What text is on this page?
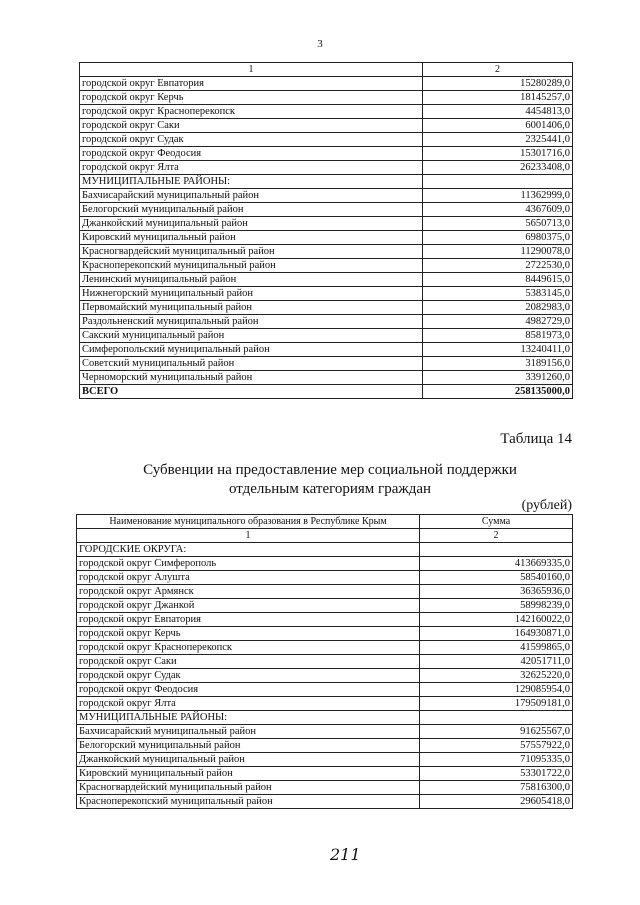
3
1	2
городской округ Евпатория	15280289,0
городской округ Керчь	18145257,0
городской округ Красноперекопск	4454813,0
городской округ Саки	6001406,0
городской округ Судак	2325441,0
городской округ Феодосия	15301716,0
городской округ Ялта	26233408,0
МУНИЦИПАЛЬНЫЕ РАЙОНЫ:	
Бахчисарайский муниципальный район	11362999,0
Белогорский муниципальный район	4367609,0
Джанкойский муниципальный район	5650713,0
Кировский муниципальный район	6980375,0
Красногвардейский муниципальный район	11290078,0
Красноперекопский муниципальный район	2722530,0
Ленинский муниципальный район	8449615,0
Нижнегорский муниципальный район	5383145,0
Первомайский муниципальный район	2082983,0
Раздольненский муниципальный район	4982729,0
Сакский муниципальный район	8581973,0
Симферопольский муниципальный район	13240411,0
Советский муниципальный район	3189156,0
Черноморский муниципальный район	3391260,0
ВСЕГО	258135000,0
Таблица 14
Субвенции на предоставление мер социальной поддержки
отдельным категориям граждан
(рублей)
Наименование муниципального образования в Республике Крым	Сумма
1	2
ГОРОДСКИЕ ОКРУГА:	
городской округ Симферополь	413669335,0
городской округ Алушта	58540160,0
городской округ Армянск	36365936,0
городской округ Джанкой	58998239,0
городской округ Евпатория	142160022,0
городской округ Керчь	164930871,0
городской округ Красноперекопск	41599865,0
городской округ Саки	42051711,0
городской округ Судак	32625220,0
городской округ Феодосия	129085954,0
городской округ Ялта	179509181,0
МУНИЦИПАЛЬНЫЕ РАЙОНЫ:	
Бахчисарайский муниципальный район	91625567,0
Белогорский муниципальный район	57557922,0
Джанкойский муниципальный район	71095335,0
Кировский муниципальный район	53301722,0
Красногвардейский муниципальный район	75816300,0
Красноперекопский муниципальный район	29605418,0
211
